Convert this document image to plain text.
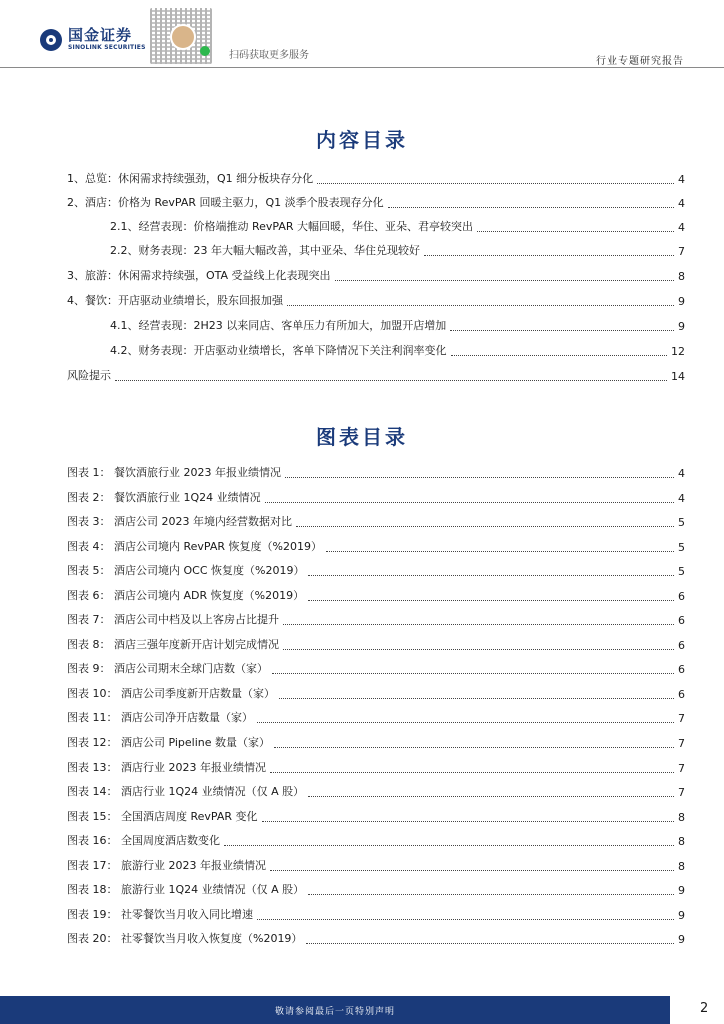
国金证券
SINOLINK SECURITIES
扫码获取更多服务
行业专题研究报告
内容目录
1、总览：休闲需求持续强劲，Q1 细分板块存分化	4
2、酒店：价格为 RevPAR 回暖主驱力，Q1 淡季个股表现存分化	4
2.1、经营表现：价格端推动 RevPAR 大幅回暖，华住、亚朵、君亭较突出	4
2.2、财务表现：23 年大幅大幅改善，其中亚朵、华住兑现较好	7
3、旅游：休闲需求持续强，OTA 受益线上化表现突出	8
4、餐饮：开店驱动业绩增长，股东回报加强	9
4.1、经营表现：2H23 以来同店、客单压力有所加大，加盟开店增加	9
4.2、财务表现：开店驱动业绩增长，客单下降情况下关注利润率变化	12
风险提示	14
图表目录
图表 1： 餐饮酒旅行业 2023 年报业绩情况	4
图表 2： 餐饮酒旅行业 1Q24 业绩情况	4
图表 3： 酒店公司 2023 年境内经营数据对比	5
图表 4： 酒店公司境内 RevPAR 恢复度（%2019）	5
图表 5： 酒店公司境内 OCC 恢复度（%2019）	5
图表 6： 酒店公司境内 ADR 恢复度（%2019）	6
图表 7： 酒店公司中档及以上客房占比提升	6
图表 8： 酒店三强年度新开店计划完成情况	6
图表 9： 酒店公司期末全球门店数（家）	6
图表 10： 酒店公司季度新开店数量（家）	6
图表 11： 酒店公司净开店数量（家）	7
图表 12： 酒店公司 Pipeline 数量（家）	7
图表 13： 酒店行业 2023 年报业绩情况	7
图表 14： 酒店行业 1Q24 业绩情况（仅 A 股）	7
图表 15： 全国酒店周度 RevPAR 变化	8
图表 16： 全国周度酒店数变化	8
图表 17： 旅游行业 2023 年报业绩情况	8
图表 18： 旅游行业 1Q24 业绩情况（仅 A 股）	9
图表 19： 社零餐饮当月收入同比增速	9
图表 20： 社零餐饮当月收入恢复度（%2019）	9
敬请参阅最后一页特别声明	2
